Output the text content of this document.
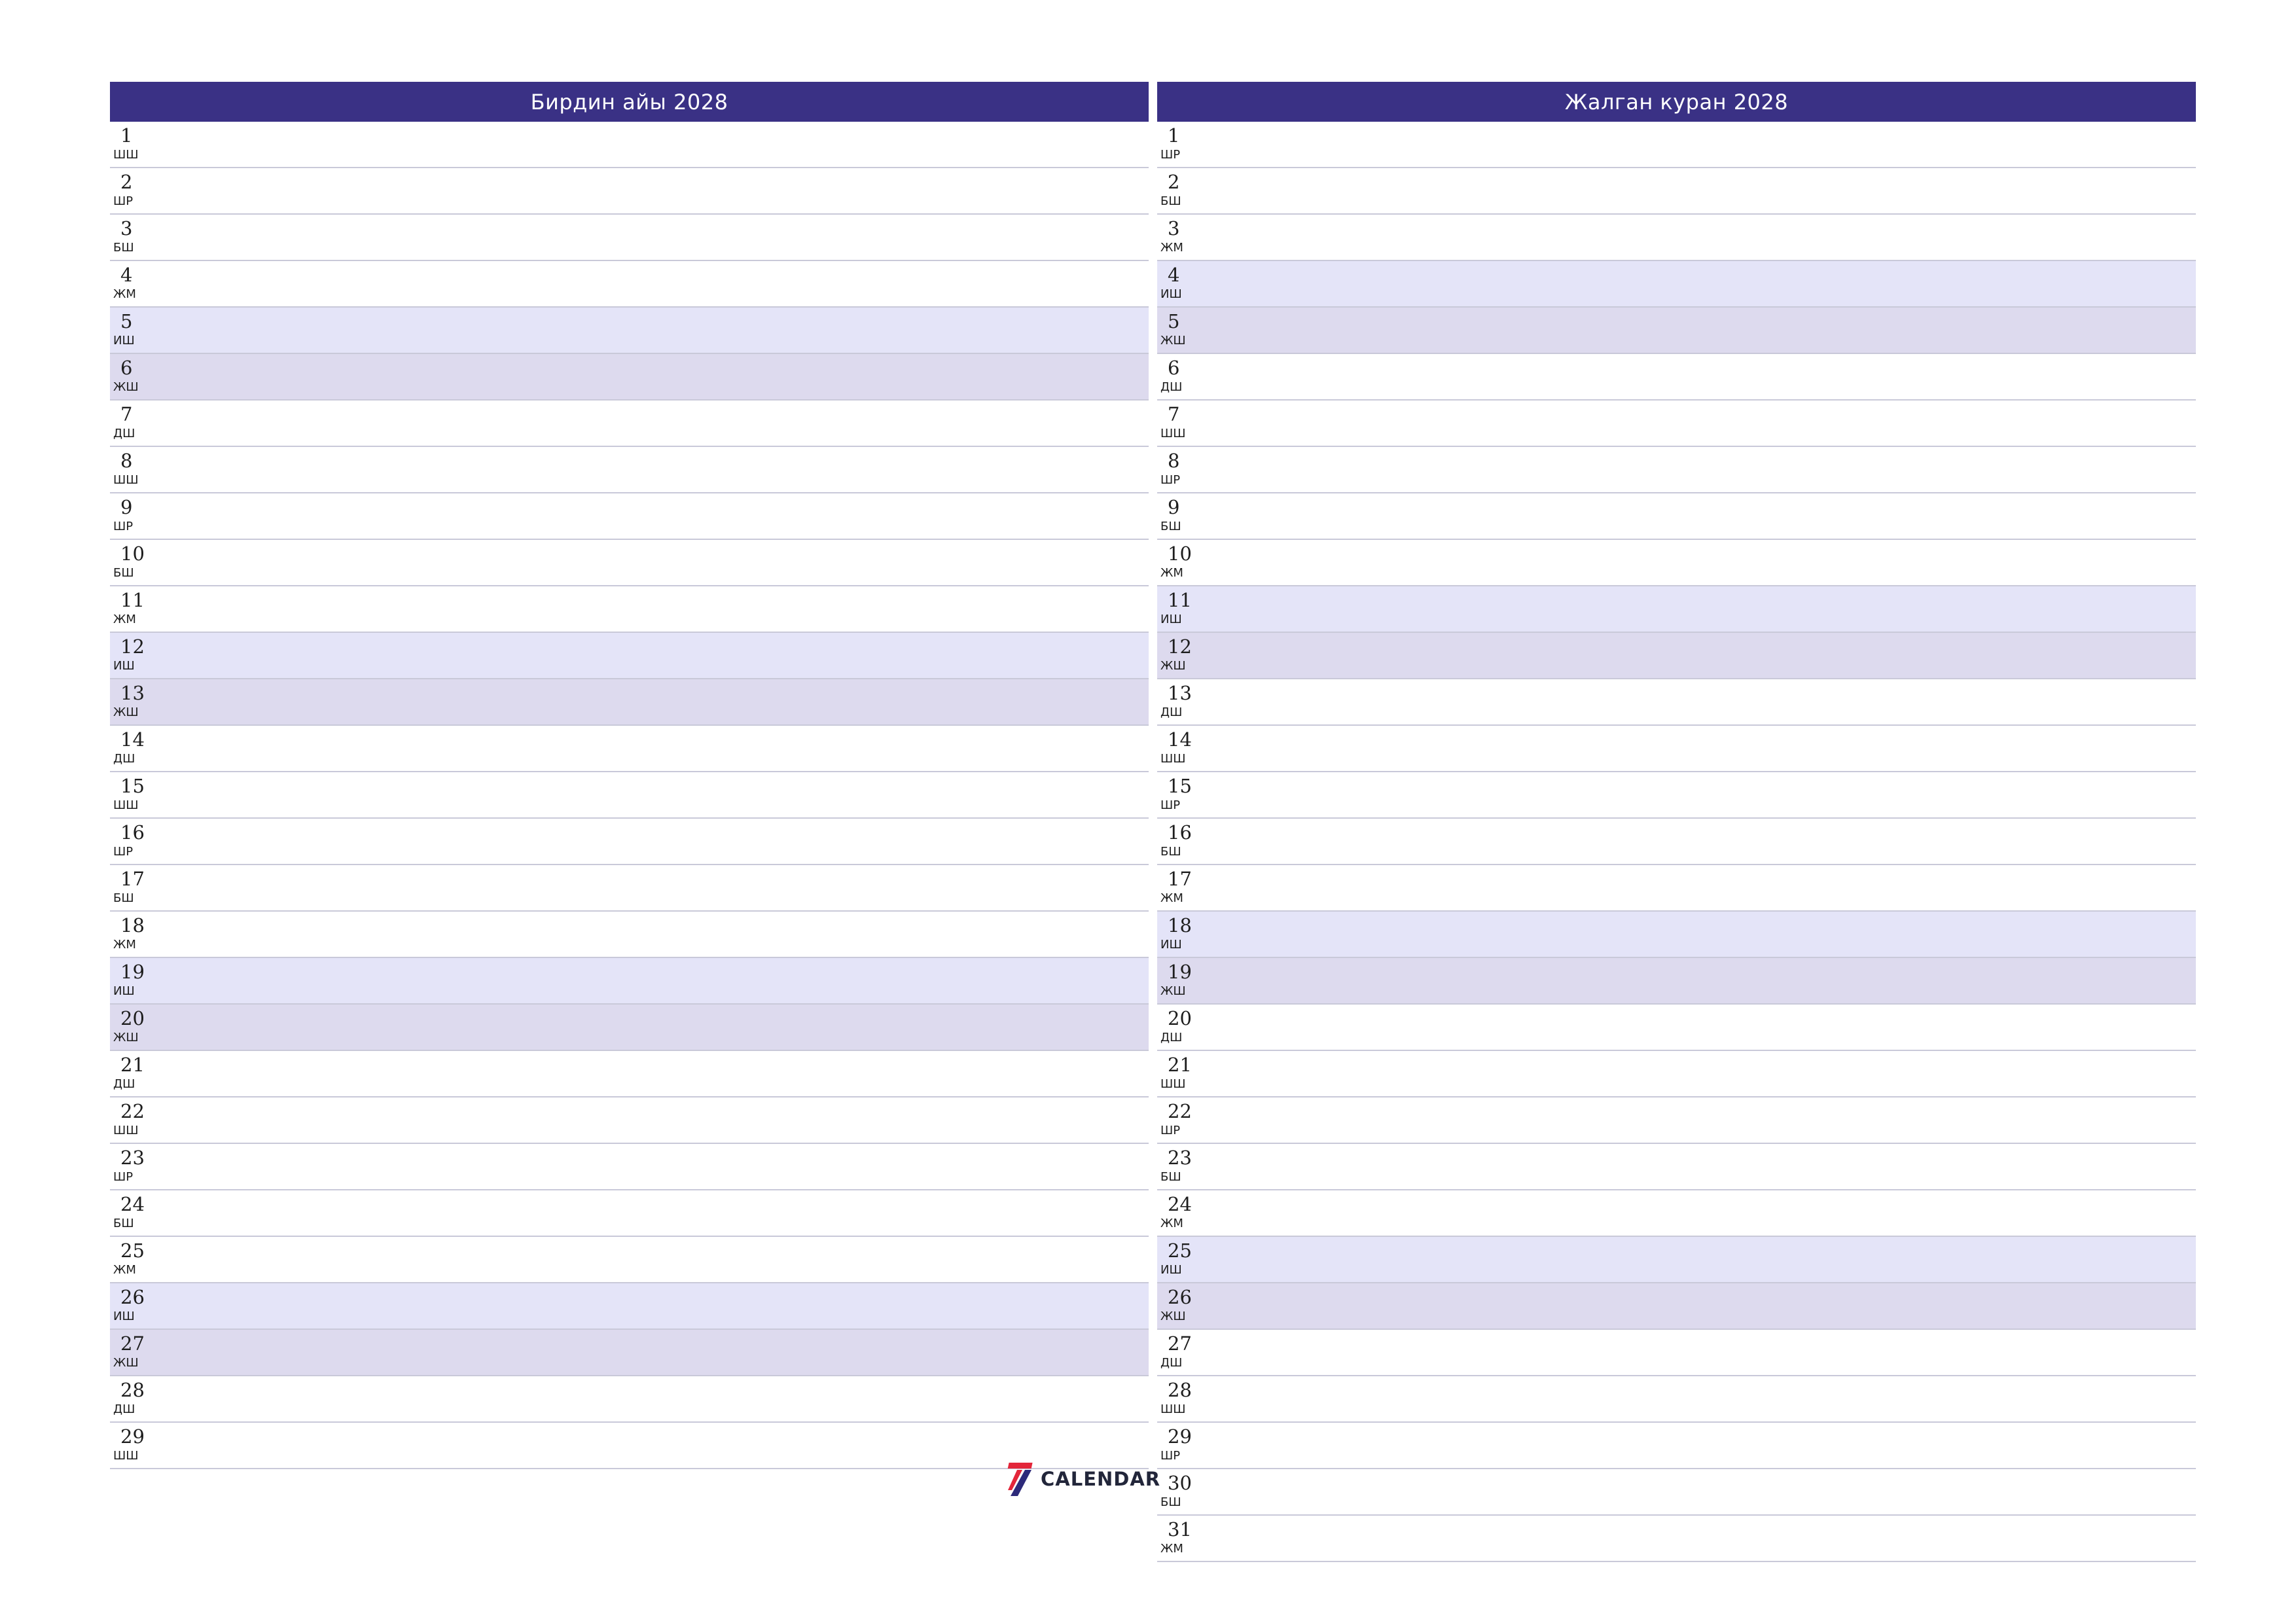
Бирдин айы 2028
1
ШШ
2
ШР
3
БШ
4
ЖМ
5
ИШ
6
ЖШ
7
ДШ
8
ШШ
9
ШР
10
БШ
11
ЖМ
12
ИШ
13
ЖШ
14
ДШ
15
ШШ
16
ШР
17
БШ
18
ЖМ
19
ИШ
20
ЖШ
21
ДШ
22
ШШ
23
ШР
24
БШ
25
ЖМ
26
ИШ
27
ЖШ
28
ДШ
29
ШШ
Жалган куран 2028
1
ШР
2
БШ
3
ЖМ
4
ИШ
5
ЖШ
6
ДШ
7
ШШ
8
ШР
9
БШ
10
ЖМ
11
ИШ
12
ЖШ
13
ДШ
14
ШШ
15
ШР
16
БШ
17
ЖМ
18
ИШ
19
ЖШ
20
ДШ
21
ШШ
22
ШР
23
БШ
24
ЖМ
25
ИШ
26
ЖШ
27
ДШ
28
ШШ
29
ШР
30
БШ
31
ЖМ
CALENDAR
